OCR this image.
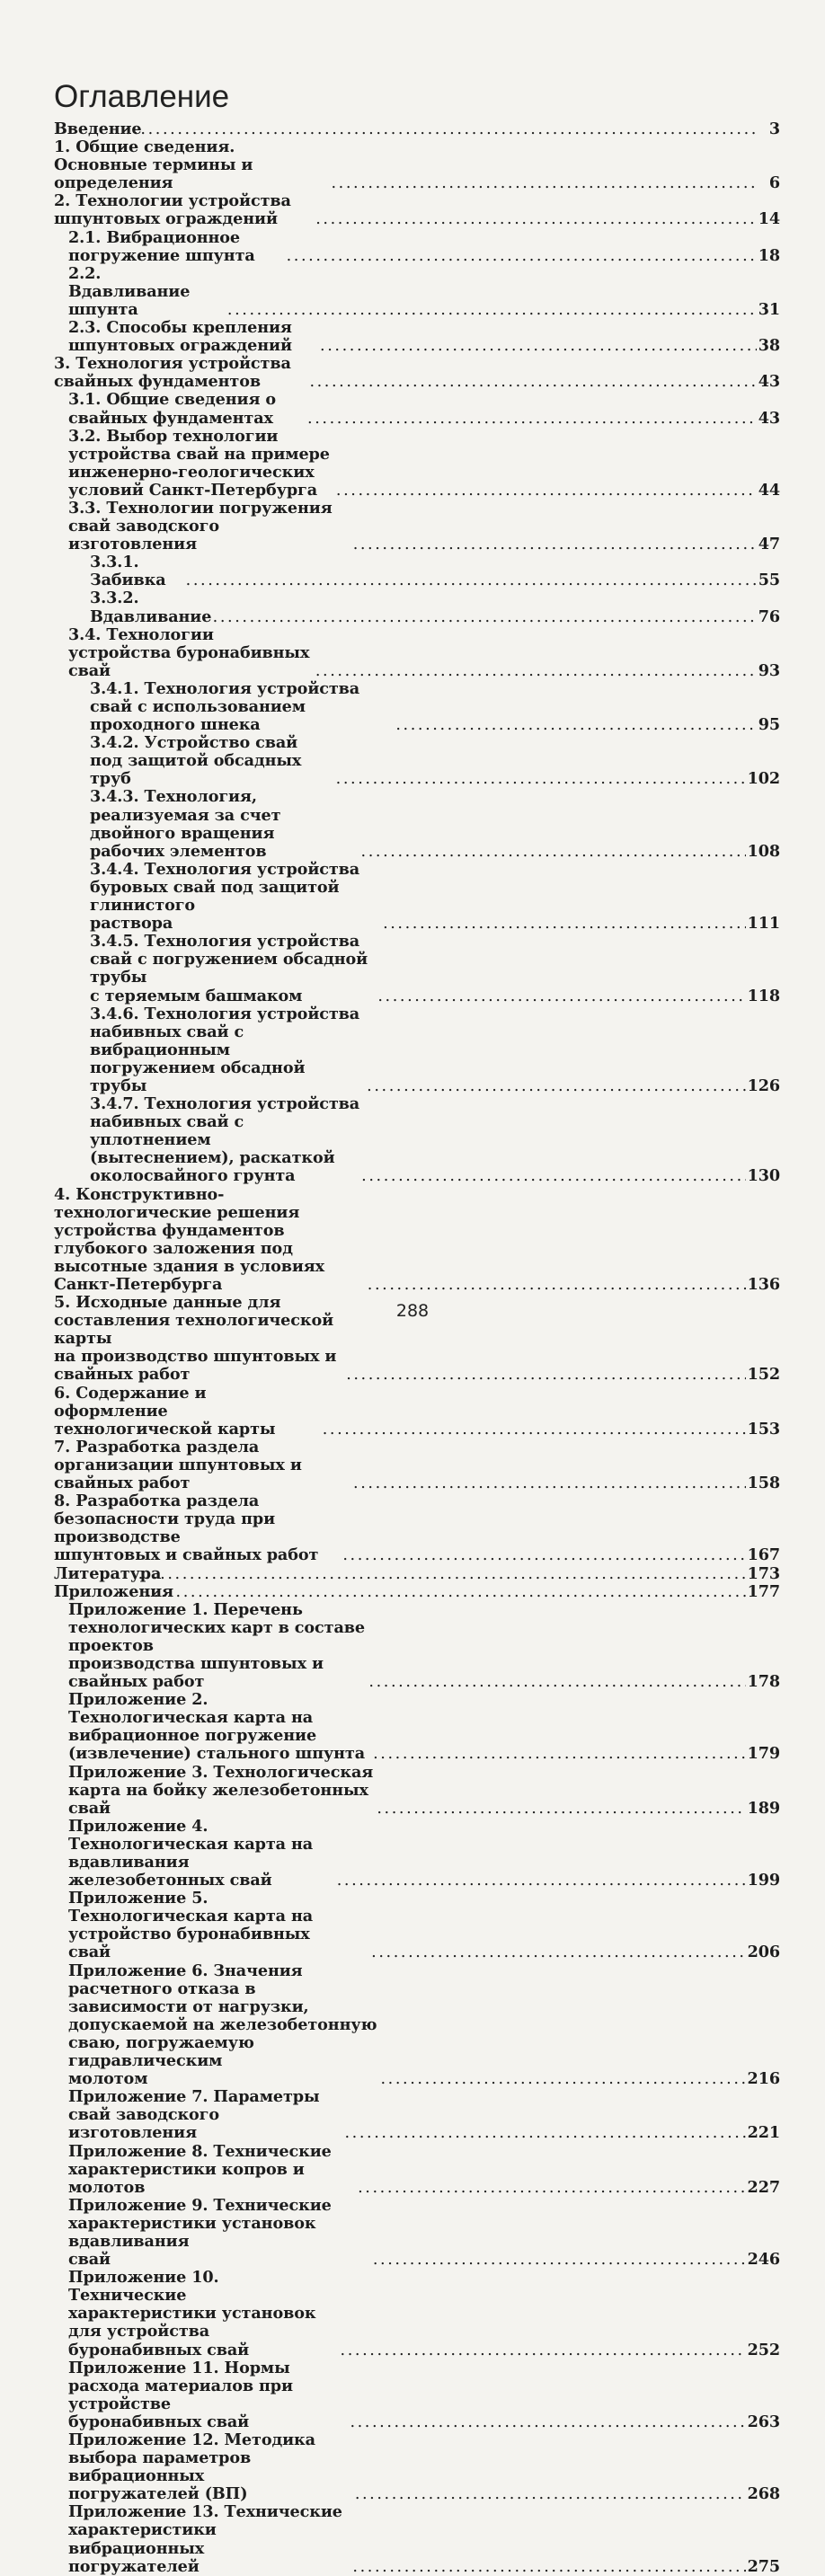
Оглавление
Введение . . .	3
1. Общие сведения. Основные термины и определения . . .	6
2. Технологии устройства шпунтовых ограждений . . .	14
2.1. Вибрационное погружение шпунта . . .	18
2.2. Вдавливание шпунта . . .	31
2.3. Способы крепления шпунтовых ограждений . . .	38
3. Технология устройства свайных фундаментов . . .	43
3.1. Общие сведения о свайных фундаментах . . .	43
3.2. Выбор технологии устройства свай на примере
инженерно-геологических условий Санкт-Петербурга . . .	44
3.3. Технологии погружения свай заводского изготовления . . .	47
3.3.1. Забивка . . .	55
3.3.2. Вдавливание . . .	76
3.4. Технологии устройства буронабивных свай . . .	93
3.4.1. Технология устройства свай с использованием проходного шнека . . .	95
3.4.2. Устройство свай под защитой обсадных труб . . .	102
3.4.3. Технология, реализуемая за счет двойного вращения
рабочих элементов . . .	108
3.4.4. Технология устройства буровых свай под защитой глинистого
раствора . . .	111
3.4.5. Технология устройства свай с погружением обсадной трубы
с теряемым башмаком . . .	118
3.4.6. Технология устройства набивных свай с вибрационным
погружением обсадной трубы . . .	126
3.4.7. Технология устройства набивных свай с уплотнением
(вытеснением), раскаткой околосвайного грунта . . .	130
4. Конструктивно-технологические решения устройства фундаментов
глубокого заложения под высотные здания в условиях
Санкт-Петербурга . . .	136
5. Исходные данные для составления технологической карты
на производство шпунтовых и свайных работ . . .	152
6. Содержание и оформление технологической карты . . .	153
7. Разработка раздела организации шпунтовых и свайных работ . . .	158
8. Разработка раздела безопасности труда при производстве
шпунтовых и свайных работ . . .	167
Литература . . .	173
Приложения . . .	177
Приложение 1. Перечень технологических карт в составе проектов
производства шпунтовых и свайных работ . . .	178
Приложение 2. Технологическая карта на вибрационное погружение
(извлечение) стального шпунта . . .	179
Приложение 3. Технологическая карта на бойку железобетонных свай . . .	189
Приложение 4. Технологическая карта на вдавливания
железобетонных свай . . .	199
Приложение 5. Технологическая карта на устройство буронабивных
свай . . .	206
Приложение 6. Значения расчетного отказа в зависимости от нагрузки,
допускаемой на железобетонную сваю, погружаемую гидравлическим
молотом . . .	216
Приложение 7. Параметры свай заводского изготовления . . .	221
Приложение 8. Технические характеристики копров и молотов . . .	227
Приложение 9. Технические характеристики установок вдавливания
свай . . .	246
Приложение 10. Технические характеристики установок
для устройства буронабивных свай . . .	252
Приложение 11. Нормы расхода материалов при устройстве
буронабивных свай . . .	263
Приложение 12. Методика выбора параметров вибрационных
погружателей (ВП) . . .	268
Приложение 13. Технические характеристики вибрационных
погружателей . . .	275
288
